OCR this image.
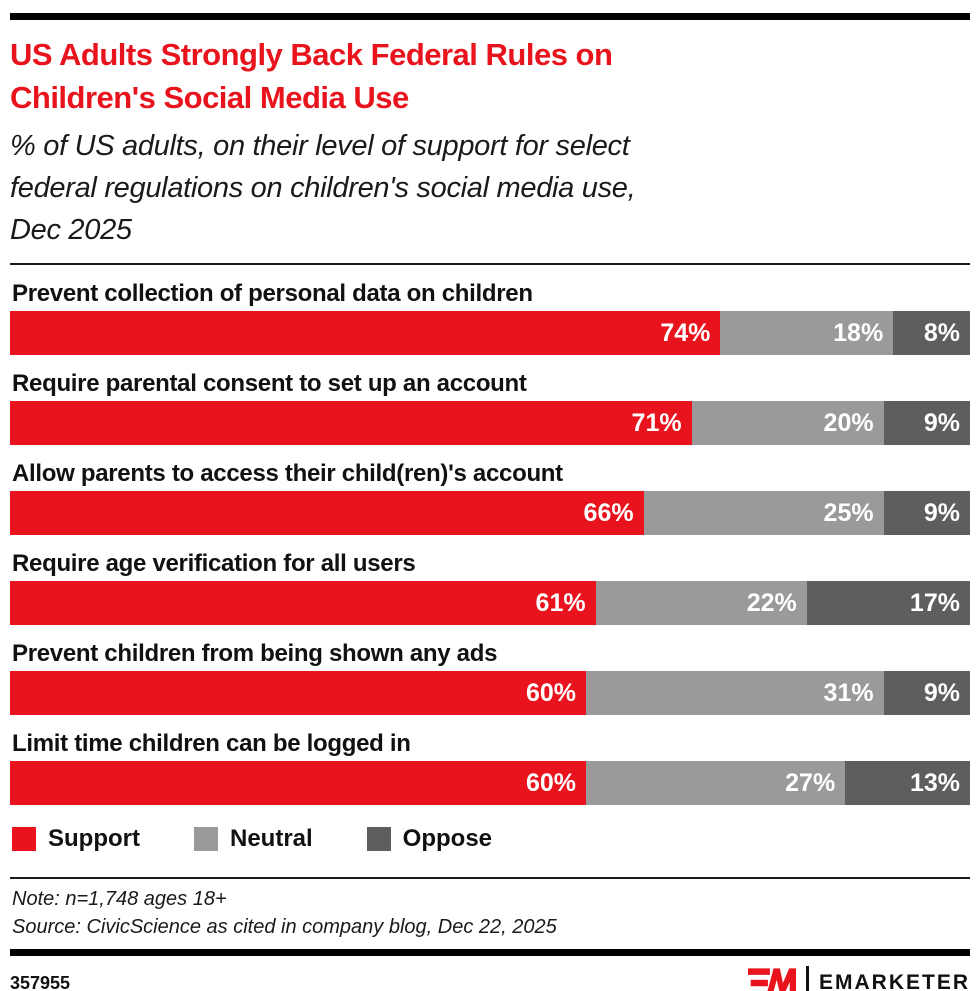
US Adults Strongly Back Federal Rules on
Children's Social Media Use
% of US adults, on their level of support for select
federal regulations on children's social media use,
Dec 2025
Prevent collection of personal data on children
74%	18%	8%
Require parental consent to set up an account
71%	20%	9%
Allow parents to access their child(ren)'s account
66%	25%	9%
Require age verification for all users
61%	22%	17%
Prevent children from being shown any ads
60%	31%	9%
Limit time children can be logged in
60%	27%	13%
Support	Neutral	Oppose
Note: n=1,748 ages 18+
Source: CivicScience as cited in company blog, Dec 22, 2025
357955	EMARKETER
